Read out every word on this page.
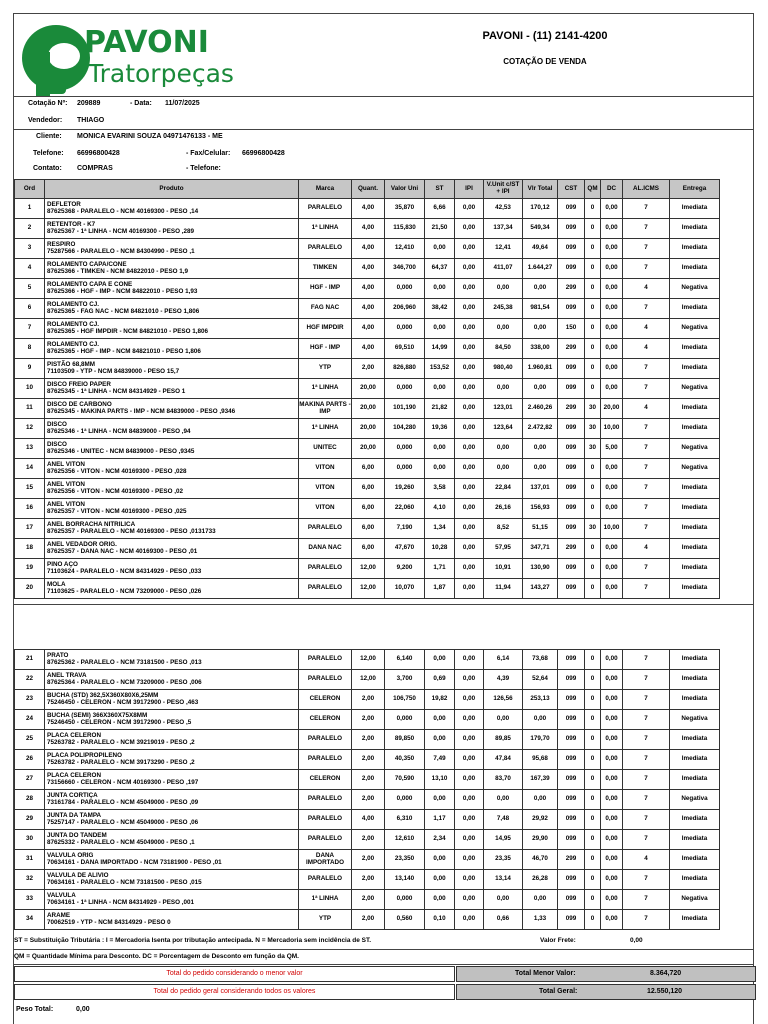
PAVONI
Tratorpeças
PAVONI - (11) 2141-4200
COTAÇÃO DE VENDA
Cotação Nº: 209889	- Data: 11/07/2025
Vendedor: THIAGO
Cliente: MONICA EVARINI SOUZA 04971476133 - ME
Telefone: 66996800428	- Fax/Celular: 66996800428
Contato: COMPRAS	- Telefone:
Ord	Produto	Marca	Quant.	Valor Uni	ST	IPI	V.Unit c/ST + IPI	Vlr Total	CST	QM	DC	AL.ICMS	Entrega
1	DEFLETOR
87625368 - PARALELO - NCM 40169300 - PESO ,14	PARALELO	4,00	35,870	6,66	0,00	42,53	170,12	099	0	0,00	7	Imediata
2	RETENTOR - K7
87625367 - 1ª LINHA - NCM 40169300 - PESO ,289	1ª LINHA	4,00	115,830	21,50	0,00	137,34	549,34	099	0	0,00	7	Imediata
3	RESPIRO
75287566 - PARALELO - NCM 84304990 - PESO ,1	PARALELO	4,00	12,410	0,00	0,00	12,41	49,64	099	0	0,00	7	Imediata
4	ROLAMENTO CAPA/CONE
87625366 - TIMKEN - NCM 84822010 - PESO 1,9	TIMKEN	4,00	346,700	64,37	0,00	411,07	1.644,27	099	0	0,00	7	Imediata
5	ROLAMENTO CAPA E CONE
87625366 - HGF - IMP - NCM 84822010 - PESO 1,93	HGF - IMP	4,00	0,000	0,00	0,00	0,00	0,00	299	0	0,00	4	Negativa
6	ROLAMENTO CJ.
87625365 - FAG NAC - NCM 84821010 - PESO 1,806	FAG NAC	4,00	206,960	38,42	0,00	245,38	981,54	099	0	0,00	7	Imediata
7	ROLAMENTO CJ.
87625365 - HGF IMPDIR - NCM 84821010 - PESO 1,806	HGF IMPDIR	4,00	0,000	0,00	0,00	0,00	0,00	150	0	0,00	4	Negativa
8	ROLAMENTO CJ.
87625365 - HGF - IMP - NCM 84821010 - PESO 1,806	HGF - IMP	4,00	69,510	14,99	0,00	84,50	338,00	299	0	0,00	4	Imediata
9	PISTÃO 68,8MM
71103509 - YTP - NCM 84839000 - PESO 15,7	YTP	2,00	826,880	153,52	0,00	980,40	1.960,81	099	0	0,00	7	Imediata
10	DISCO FREIO PAPER
87625345 - 1ª LINHA - NCM 84314929 - PESO 1	1ª LINHA	20,00	0,000	0,00	0,00	0,00	0,00	099	0	0,00	7	Negativa
11	DISCO DE CARBONO
87625345 - MAKINA PARTS - IMP - NCM 84839000 - PESO ,9346	MAKINA PARTS - IMP	20,00	101,190	21,82	0,00	123,01	2.460,26	299	30	20,00	4	Imediata
12	DISCO
87625346 - 1ª LINHA - NCM 84839000 - PESO ,94	1ª LINHA	20,00	104,280	19,36	0,00	123,64	2.472,82	099	30	10,00	7	Imediata
13	DISCO
87625346 - UNITEC - NCM 84839000 - PESO ,9345	UNITEC	20,00	0,000	0,00	0,00	0,00	0,00	099	30	5,00	7	Negativa
14	ANEL VITON
87625356 - VITON - NCM 40169300 - PESO ,028	VITON	6,00	0,000	0,00	0,00	0,00	0,00	099	0	0,00	7	Negativa
15	ANEL VITON
87625356 - VITON - NCM 40169300 - PESO ,02	VITON	6,00	19,260	3,58	0,00	22,84	137,01	099	0	0,00	7	Imediata
16	ANEL VITON
87625357 - VITON - NCM 40169300 - PESO ,025	VITON	6,00	22,060	4,10	0,00	26,16	156,93	099	0	0,00	7	Imediata
17	ANEL BORRACHA NITRILICA
87625357 - PARALELO - NCM 40169300 - PESO ,0131733	PARALELO	6,00	7,190	1,34	0,00	8,52	51,15	099	30	10,00	7	Imediata
18	ANEL VEDADOR ORIG.
87625357 - DANA NAC - NCM 40169300 - PESO ,01	DANA NAC	6,00	47,670	10,28	0,00	57,95	347,71	299	0	0,00	4	Imediata
19	PINO AÇO
71103624 - PARALELO - NCM 84314929 - PESO ,033	PARALELO	12,00	9,200	1,71	0,00	10,91	130,90	099	0	0,00	7	Imediata
20	MOLA
71103625 - PARALELO - NCM 73209000 - PESO ,026	PARALELO	12,00	10,070	1,87	0,00	11,94	143,27	099	0	0,00	7	Imediata
21	PRATO
87625362 - PARALELO - NCM 73181500 - PESO ,013	PARALELO	12,00	6,140	0,00	0,00	6,14	73,68	099	0	0,00	7	Imediata
22	ANEL TRAVA
87625364 - PARALELO - NCM 73209000 - PESO ,006	PARALELO	12,00	3,700	0,69	0,00	4,39	52,64	099	0	0,00	7	Imediata
23	BUCHA (STD) 362,5X360X80X6,25MM
75246450 - CELERON - NCM 39172900 - PESO ,463	CELERON	2,00	106,750	19,82	0,00	126,56	253,13	099	0	0,00	7	Imediata
24	BUCHA (SEMI) 366X360X75X8MM
75246450 - CELERON - NCM 39172900 - PESO ,5	CELERON	2,00	0,000	0,00	0,00	0,00	0,00	099	0	0,00	7	Negativa
25	PLACA CELERON
75263782 - PARALELO - NCM 39219019 - PESO ,2	PARALELO	2,00	89,850	0,00	0,00	89,85	179,70	099	0	0,00	7	Imediata
26	PLACA POLIPROPILENO
75263782 - PARALELO - NCM 39173290 - PESO ,2	PARALELO	2,00	40,350	7,49	0,00	47,84	95,68	099	0	0,00	7	Imediata
27	PLACA CELERON
73156660 - CELERON - NCM 40169300 - PESO ,197	CELERON	2,00	70,590	13,10	0,00	83,70	167,39	099	0	0,00	7	Imediata
28	JUNTA CORTIÇA
73161784 - PARALELO - NCM 45049000 - PESO ,09	PARALELO	2,00	0,000	0,00	0,00	0,00	0,00	099	0	0,00	7	Negativa
29	JUNTA DA TAMPA
75257147 - PARALELO - NCM 45049000 - PESO ,06	PARALELO	4,00	6,310	1,17	0,00	7,48	29,92	099	0	0,00	7	Imediata
30	JUNTA DO TANDEM
87625332 - PARALELO - NCM 45049000 - PESO ,1	PARALELO	2,00	12,610	2,34	0,00	14,95	29,90	099	0	0,00	7	Imediata
31	VALVULA ORIG
70634161 - DANA IMPORTADO - NCM 73181900 - PESO ,01	DANA IMPORTADO	2,00	23,350	0,00	0,00	23,35	46,70	299	0	0,00	4	Imediata
32	VALVULA DE ALIVIO
70634161 - PARALELO - NCM 73181500 - PESO ,015	PARALELO	2,00	13,140	0,00	0,00	13,14	26,28	099	0	0,00	7	Imediata
33	VALVULA
70634161 - 1ª LINHA - NCM 84314929 - PESO ,001	1ª LINHA	2,00	0,000	0,00	0,00	0,00	0,00	099	0	0,00	7	Negativa
34	ARAME
70062519 - YTP - NCM 84314929 - PESO 0	YTP	2,00	0,560	0,10	0,00	0,66	1,33	099	0	0,00	7	Imediata
ST = Substituição Tributária : I = Mercadoria Isenta por tributação antecipada. N = Mercadoria sem incidência de ST.	Valor Frete:	0,00
QM = Quantidade Mínima para Desconto. DC = Porcentagem de Desconto em função da QM.
Total do pedido considerando o menor valor	Total Menor Valor:	8.364,720
Total do pedido geral considerando todos os valores	Total Geral:	12.550,120
Peso Total:	0,00
